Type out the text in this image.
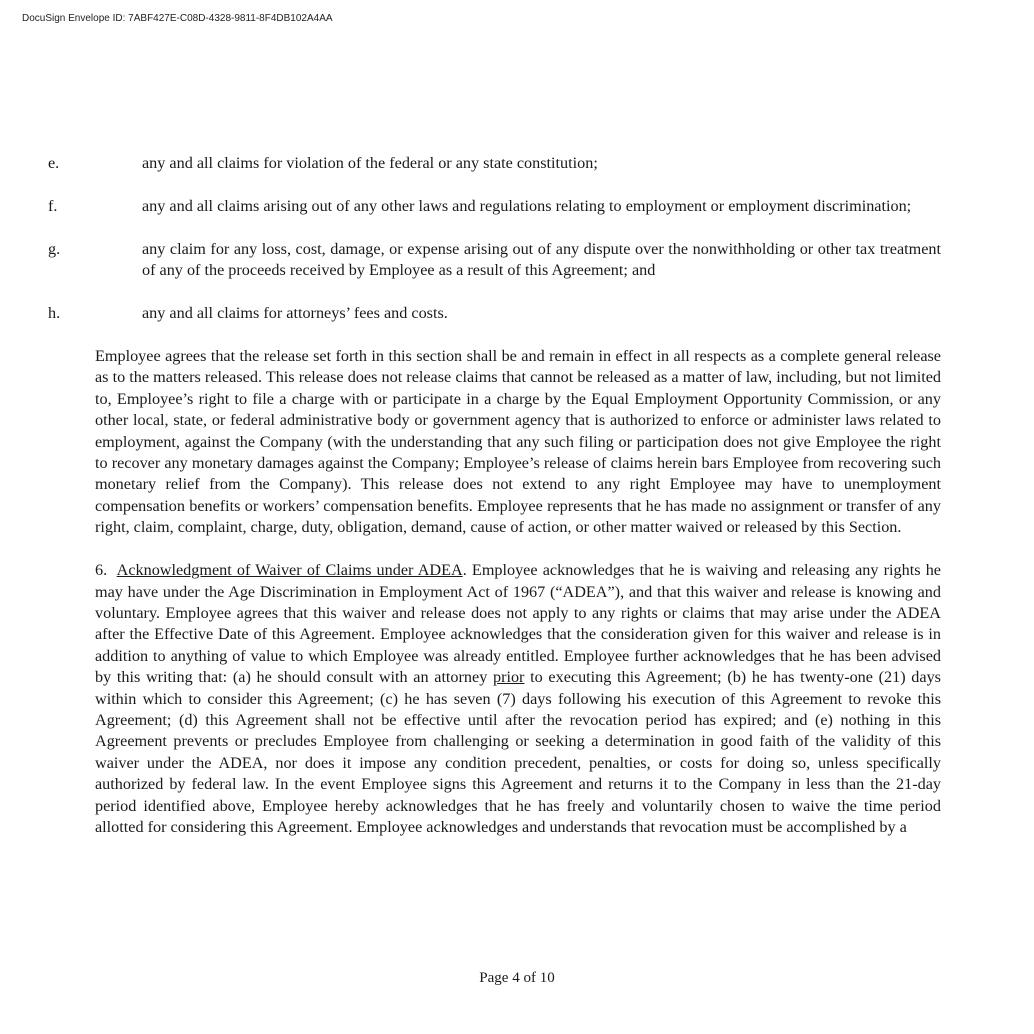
DocuSign Envelope ID: 7ABF427E-C08D-4328-9811-8F4DB102A4AA
e.	any and all claims for violation of the federal or any state constitution;
f.	any and all claims arising out of any other laws and regulations relating to employment or employment discrimination;
g.	any claim for any loss, cost, damage, or expense arising out of any dispute over the nonwithholding or other tax treatment of any of the proceeds received by Employee as a result of this Agreement; and
h.	any and all claims for attorneys’ fees and costs.

Employee agrees that the release set forth in this section shall be and remain in effect in all respects as a complete general release as to the matters released. This release does not release claims that cannot be released as a matter of law, including, but not limited to, Employee’s right to file a charge with or participate in a charge by the Equal Employment Opportunity Commission, or any other local, state, or federal administrative body or government agency that is authorized to enforce or administer laws related to employment, against the Company (with the understanding that any such filing or participation does not give Employee the right to recover any monetary damages against the Company; Employee’s release of claims herein bars Employee from recovering such monetary relief from the Company). This release does not extend to any right Employee may have to unemployment compensation benefits or workers’ compensation benefits. Employee represents that he has made no assignment or transfer of any right, claim, complaint, charge, duty, obligation, demand, cause of action, or other matter waived or released by this Section.

6. Acknowledgment of Waiver of Claims under ADEA. Employee acknowledges that he is waiving and releasing any rights he may have under the Age Discrimination in Employment Act of 1967 (“ADEA”), and that this waiver and release is knowing and voluntary. Employee agrees that this waiver and release does not apply to any rights or claims that may arise under the ADEA after the Effective Date of this Agreement. Employee acknowledges that the consideration given for this waiver and release is in addition to anything of value to which Employee was already entitled. Employee further acknowledges that he has been advised by this writing that: (a) he should consult with an attorney prior to executing this Agreement; (b) he has twenty-one (21) days within which to consider this Agreement; (c) he has seven (7) days following his execution of this Agreement to revoke this Agreement; (d) this Agreement shall not be effective until after the revocation period has expired; and (e) nothing in this Agreement prevents or precludes Employee from challenging or seeking a determination in good faith of the validity of this waiver under the ADEA, nor does it impose any condition precedent, penalties, or costs for doing so, unless specifically authorized by federal law. In the event Employee signs this Agreement and returns it to the Company in less than the 21-day period identified above, Employee hereby acknowledges that he has freely and voluntarily chosen to waive the time period allotted for considering this Agreement. Employee acknowledges and understands that revocation must be accomplished by a

Page 4 of 10
